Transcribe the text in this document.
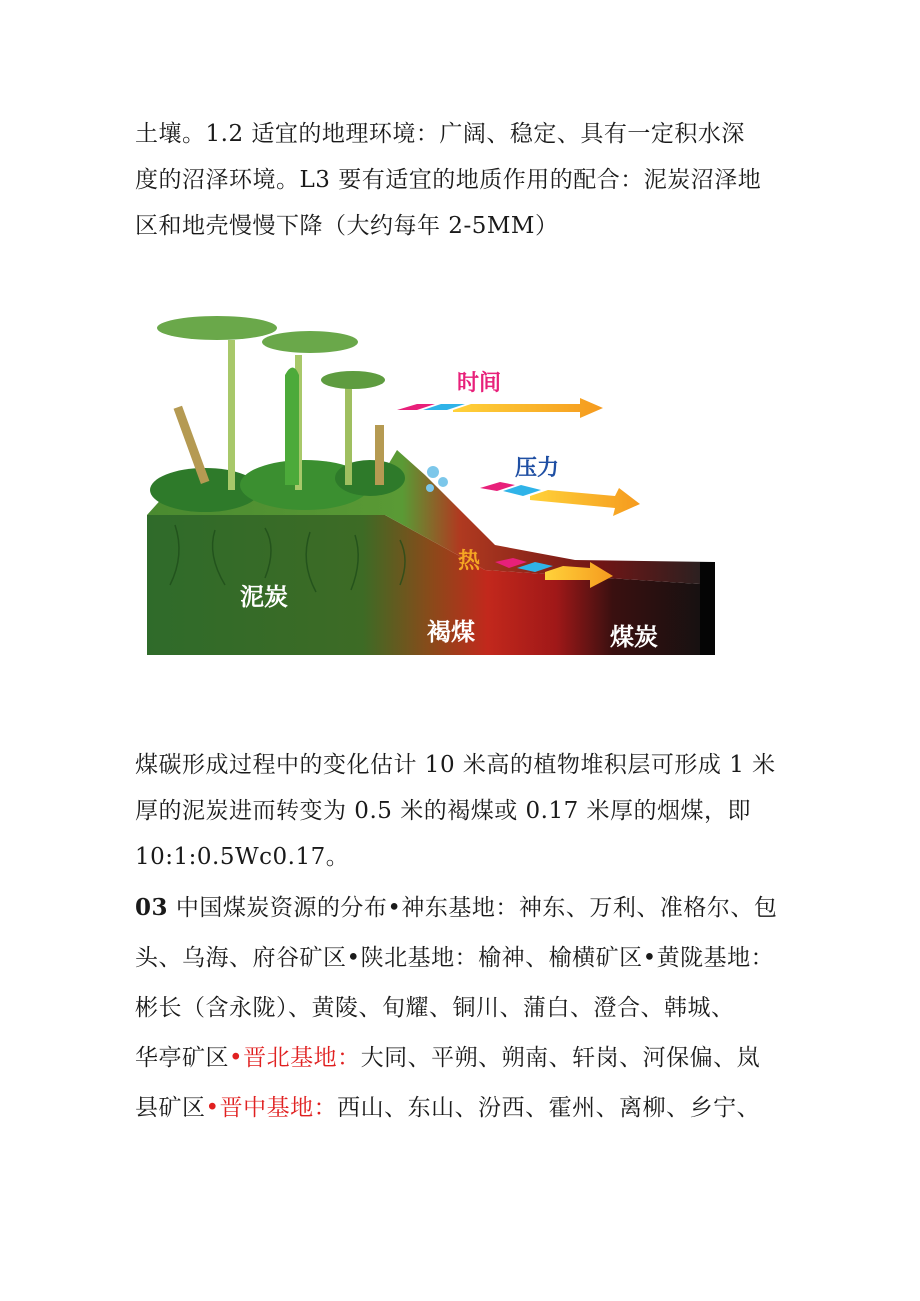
土壤。1.2 适宜的地理环境：广阔、稳定、具有一定积水深
度的沼泽环境。L3 要有适宜的地质作用的配合：泥炭沼泽地
区和地壳慢慢下降（大约每年 2-5MM）
时间
压力
热
泥炭
褐煤	煤炭
煤碳形成过程中的变化估计 10 米高的植物堆积层可形成 1 米
厚的泥炭进而转变为 0.5 米的褐煤或 0.17 米厚的烟煤，即
10:1:0.5Wc0.17。
03 中国煤炭资源的分布•神东基地：神东、万利、准格尔、包
头、乌海、府谷矿区•陕北基地：榆神、榆横矿区•黄陇基地：
彬长（含永陇）、黄陵、旬耀、铜川、蒲白、澄合、韩城、
华亭矿区•晋北基地：大同、平朔、朔南、轩岗、河保偏、岚
县矿区•晋中基地：西山、东山、汾西、霍州、离柳、乡宁、
